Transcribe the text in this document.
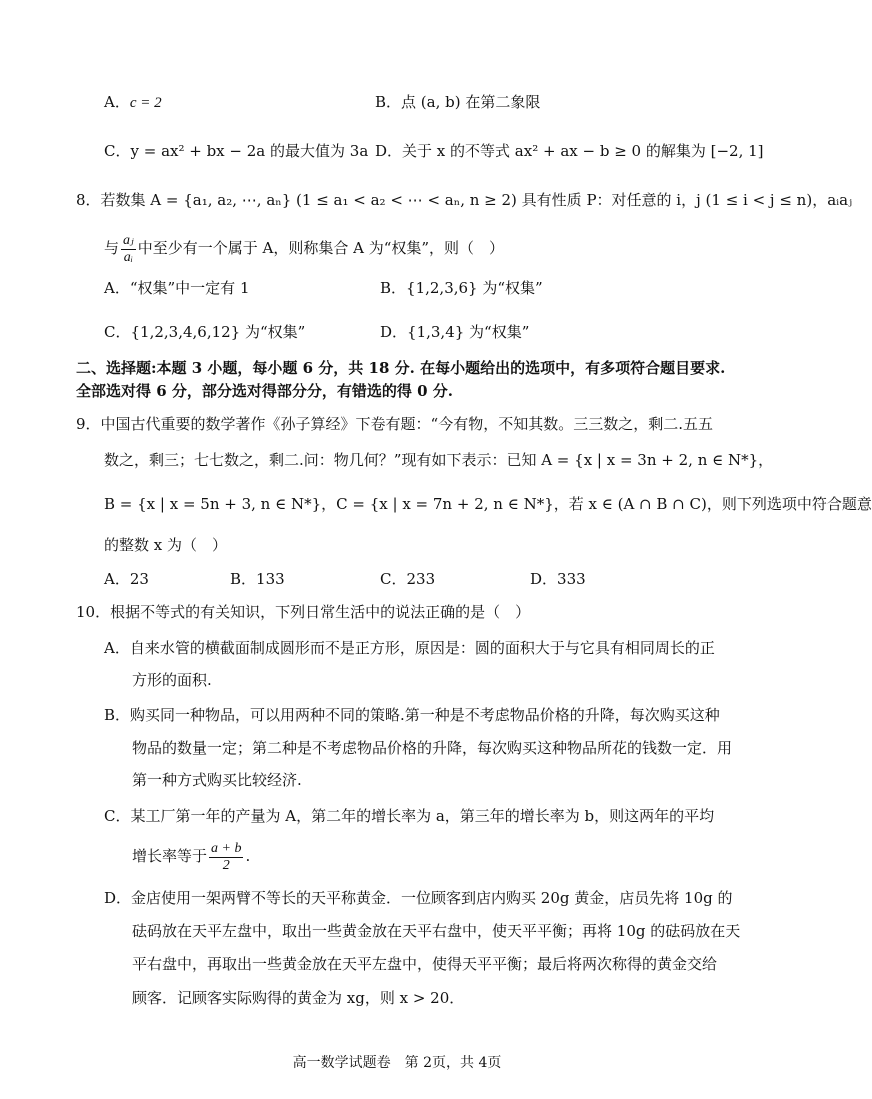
A．c = 2	B．点 (a, b) 在第二象限
C．y = ax² + bx − 2a 的最大值为 3a D．关于 x 的不等式 ax² + ax − b ≥ 0 的解集为 [−2, 1]
8．若数集 A = {a₁, a₂, ⋯, aₙ} (1 ≤ a₁ < a₂ < ⋯ < aₙ, n ≥ 2) 具有性质 P：对任意的 i，j (1 ≤ i < j ≤ n)，aᵢaⱼ
与 $\frac{\text{aⱼ}}{\text{aᵢ}}$ 中至少有一个属于 A，则称集合 A 为“权集”，则（　）
A．“权集”中一定有 1	B．{1,2,3,6} 为“权集”
C．{1,2,3,4,6,12} 为“权集”	D．{1,3,4} 为“权集”
二、选择题:本题 3 小题，每小题 6 分，共 18 分. 在每小题给出的选项中，有多项符合题目要求.
全部选对得 6 分，部分选对得部分分，有错选的得 0 分.
9．中国古代重要的数学著作《孙子算经》下卷有题：“今有物，不知其数。三三数之，剩二.五五
数之，剩三；七七数之，剩二.问：物几何？”现有如下表示：已知 A = {x | x = 3n + 2, n ∈ N*}，
B = {x | x = 5n + 3, n ∈ N*}，C = {x | x = 7n + 2, n ∈ N*}，若 x ∈ (A ∩ B ∩ C)，则下列选项中符合题意
的整数 x 为（　）
A．23	B．133	C．233	D．333
10．根据不等式的有关知识，下列日常生活中的说法正确的是（　）
A．自来水管的横截面制成圆形而不是正方形，原因是：圆的面积大于与它具有相同周长的正
方形的面积.
B．购买同一种物品，可以用两种不同的策略.第一种是不考虑物品价格的升降，每次购买这种
物品的数量一定；第二种是不考虑物品价格的升降，每次购买这种物品所花的钱数一定．用
第一种方式购买比较经济.
C．某工厂第一年的产量为 A，第二年的增长率为 a，第三年的增长率为 b，则这两年的平均
增长率等于 $\frac{a + b}{2}$ .
D．金店使用一架两臂不等长的天平称黄金．一位顾客到店内购买 20g 黄金，店员先将 10g 的
砝码放在天平左盘中，取出一些黄金放在天平右盘中，使天平平衡；再将 10g 的砝码放在天
平右盘中，再取出一些黄金放在天平左盘中，使得天平平衡；最后将两次称得的黄金交给
顾客．记顾客实际购得的黄金为 xg，则 x > 20．
高一数学试题卷　第 2页，共 4页
